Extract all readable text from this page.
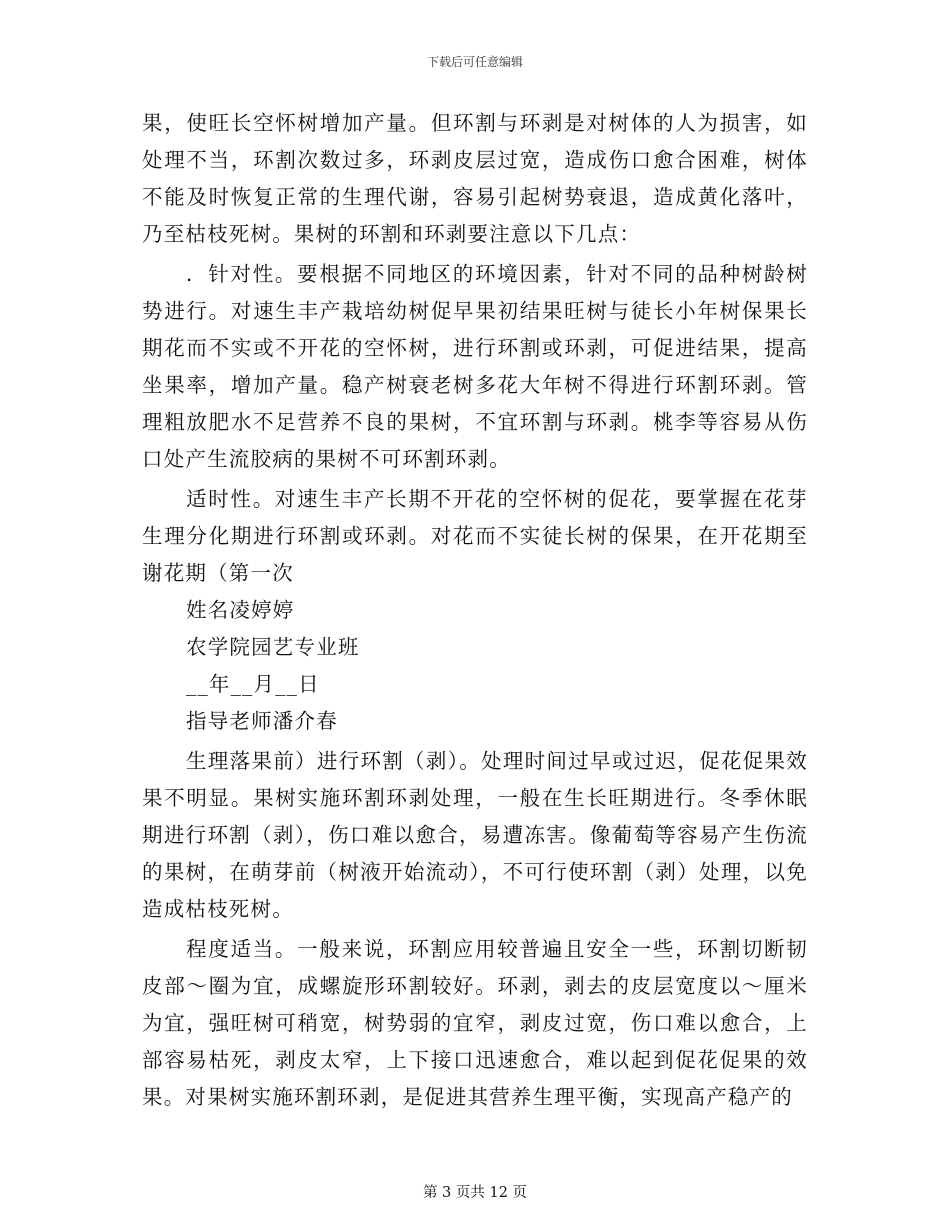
下载后可任意编辑

果，使旺长空怀树增加产量。但环割与环剥是对树体的人为损害，如处理不当，环割次数过多，环剥皮层过宽，造成伤口愈合困难，树体不能及时恢复正常的生理代谢，容易引起树势衰退，造成黄化落叶，乃至枯枝死树。果树的环割和环剥要注意以下几点：

．针对性。要根据不同地区的环境因素，针对不同的品种树龄树势进行。对速生丰产栽培幼树促早果初结果旺树与徒长小年树保果长期花而不实或不开花的空怀树，进行环割或环剥，可促进结果，提高坐果率，增加产量。稳产树衰老树多花大年树不得进行环割环剥。管理粗放肥水不足营养不良的果树，不宜环割与环剥。桃李等容易从伤口处产生流胶病的果树不可环割环剥。

适时性。对速生丰产长期不开花的空怀树的促花，要掌握在花芽生理分化期进行环割或环剥。对花而不实徒长树的保果，在开花期至谢花期（第一次

姓名凌婷婷

农学院园艺专业班

__年__月__日

指导老师潘介春

生理落果前）进行环割（剥）。处理时间过早或过迟，促花促果效果不明显。果树实施环割环剥处理，一般在生长旺期进行。冬季休眠期进行环割（剥），伤口难以愈合，易遭冻害。像葡萄等容易产生伤流的果树，在萌芽前（树液开始流动），不可行使环割（剥）处理，以免造成枯枝死树。

程度适当。一般来说，环割应用较普遍且安全一些，环割切断韧皮部～圈为宜，成螺旋形环割较好。环剥，剥去的皮层宽度以～厘米为宜，强旺树可稍宽，树势弱的宜窄，剥皮过宽，伤口难以愈合，上部容易枯死，剥皮太窄，上下接口迅速愈合，难以起到促花促果的效果。对果树实施环割环剥，是促进其营养生理平衡，实现高产稳产的

第 3 页共 12 页
